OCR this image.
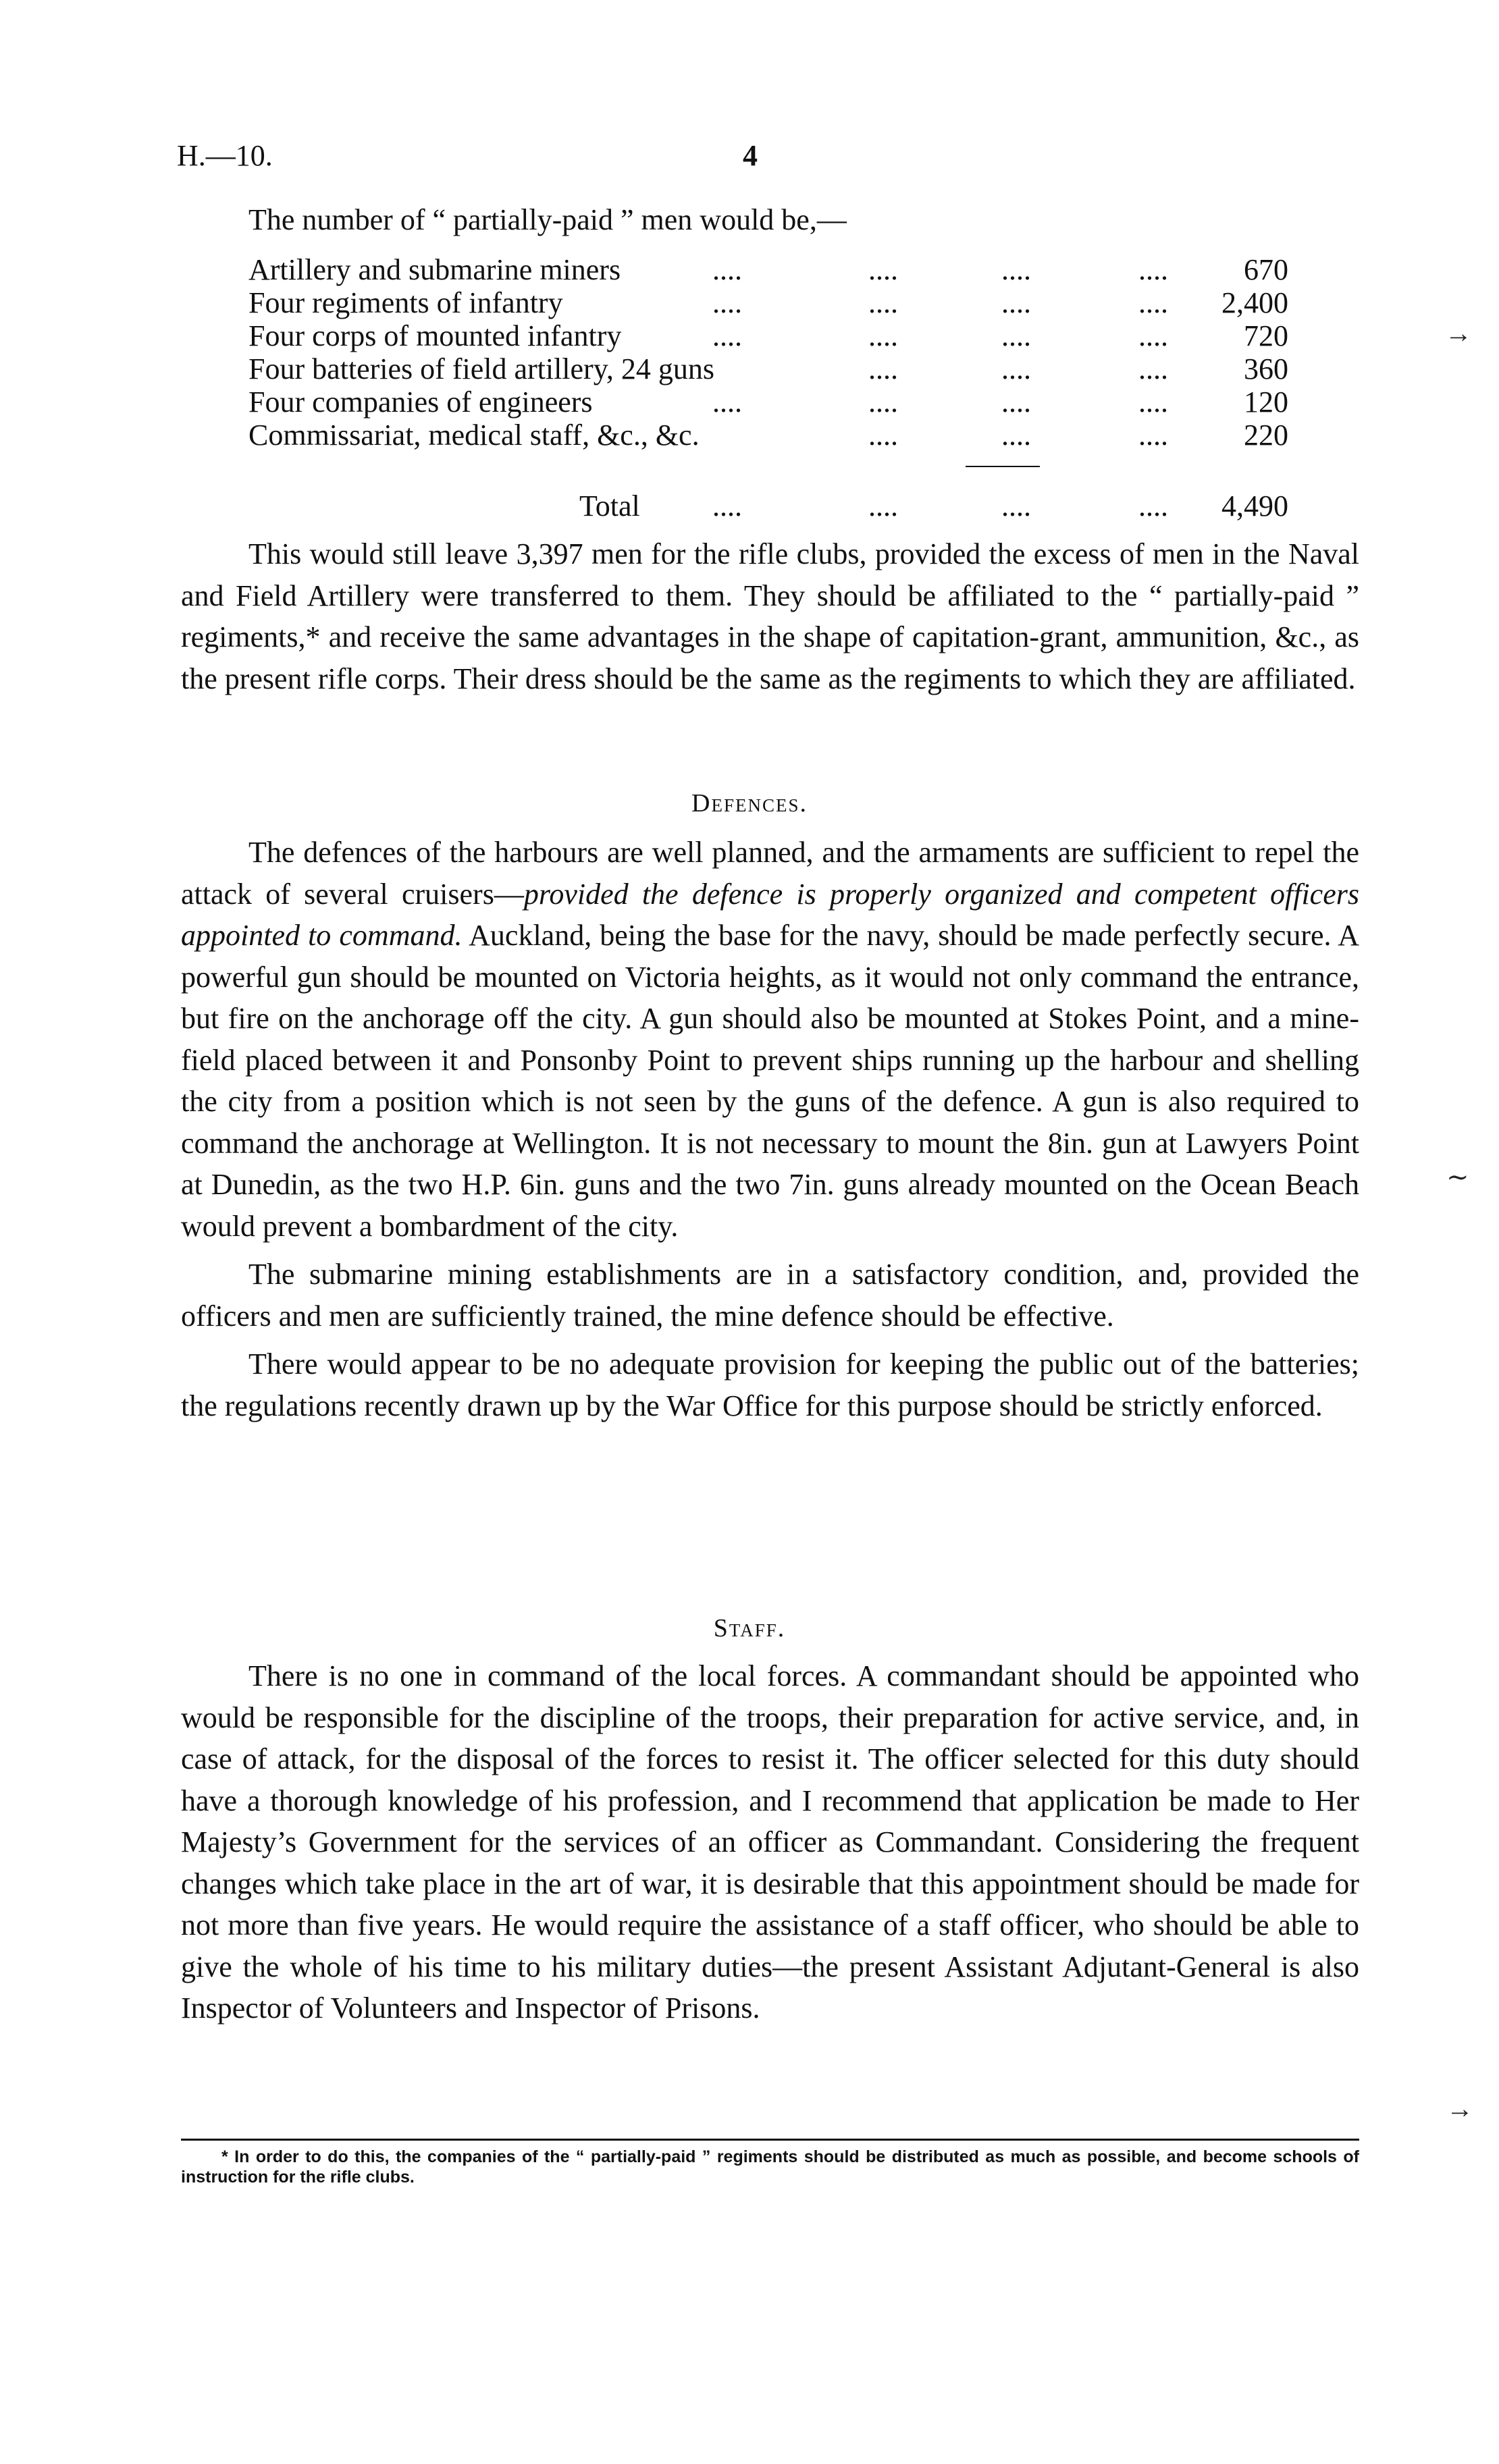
H.—10.	4
The number of “ partially-paid ” men would be,—
Artillery and submarine miners	....	....	....	....	670
Four regiments of infantry	....	....	....	.... 2,400
Four corps of mounted infantry	....	....	....	....	720
Four batteries of field artillery, 24 guns	....	....	....	360
Four companies of engineers	....	....	....	....	120
Commissariat, medical staff, &c., &c.	....	....	....	220
Total ....	....	....	.... 4,490

This would still leave 3,397 men for the rifle clubs, provided the excess of men in the Naval and Field Artillery were transferred to them. They should be affiliated to the “ partially-paid ” regiments,* and receive the same advantages in the shape of capitation-grant, ammunition, &c., as the present rifle corps. Their dress should be the same as the regiments to which they are affiliated.

Defences.

The defences of the harbours are well planned, and the armaments are sufficient to repel the attack of several cruisers—provided the defence is properly organized and competent officers appointed to command. Auckland, being the base for the navy, should be made perfectly secure. A powerful gun should be mounted on Victoria heights, as it would not only command the entrance, but fire on the anchorage off the city. A gun should also be mounted at Stokes Point, and a mine-field placed between it and Ponsonby Point to prevent ships running up the harbour and shelling the city from a position which is not seen by the guns of the defence. A gun is also required to command the anchorage at Wellington. It is not necessary to mount the 8in. gun at Lawyers Point at Dunedin, as the two H.P. 6in. guns and the two 7in. guns already mounted on the Ocean Beach would prevent a bombardment of the city.

The submarine mining establishments are in a satisfactory condition, and, provided the officers and men are sufficiently trained, the mine defence should be effective.

There would appear to be no adequate provision for keeping the public out of the batteries; the regulations recently drawn up by the War Office for this purpose should be strictly enforced.

Staff.

There is no one in command of the local forces. A commandant should be appointed who would be responsible for the discipline of the troops, their preparation for active service, and, in case of attack, for the disposal of the forces to resist it. The officer selected for this duty should have a thorough knowledge of his profession, and I recommend that application be made to Her Majesty’s Government for the services of an officer as Commandant. Considering the frequent changes which take place in the art of war, it is desirable that this appointment should be made for not more than five years. He would require the assistance of a staff officer, who should be able to give the whole of his time to his military duties—the present Assistant Adjutant-General is also Inspector of Volunteers and Inspector of Prisons.

* In order to do this, the companies of the “ partially-paid ” regiments should be distributed as much as possible, and become schools of instruction for the rifle clubs.
→
∼
→
